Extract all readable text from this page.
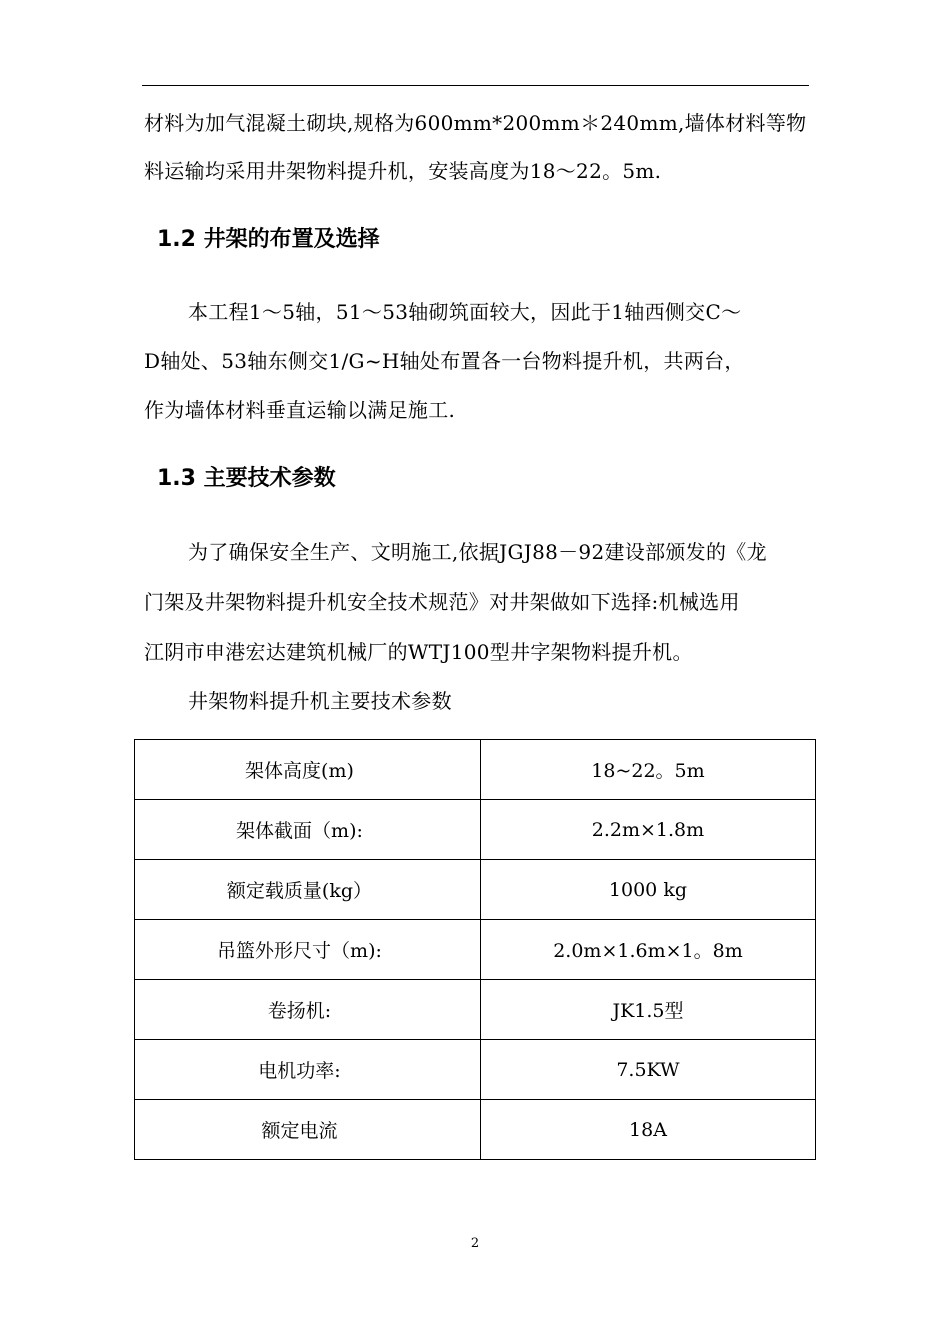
材料为加气混凝土砌块,规格为600mm*200mm＊240mm,墙体材料等物
料运输均采用井架物料提升机，安装高度为18～22。5m.
1.2 井架的布置及选择
本工程1～5轴，51～53轴砌筑面较大，因此于1轴西侧交C～
D轴处、53轴东侧交1/G~H轴处布置各一台物料提升机，共两台，
作为墙体材料垂直运输以满足施工.
1.3 主要技术参数
为了确保安全生产、文明施工,依据JGJ88－92建设部颁发的《龙
门架及井架物料提升机安全技术规范》对井架做如下选择:机械选用
江阴市申港宏达建筑机械厂的WTJ100型井字架物料提升机。
井架物料提升机主要技术参数
架体高度(m)	18~22。5m
架体截面（m):	2.2m×1.8m
额定载质量(kg）	1000 kg
吊篮外形尺寸（m):	2.0m×1.6m×1。8m
卷扬机:	JK1.5型
电机功率:	7.5KW
额定电流	18A
2
